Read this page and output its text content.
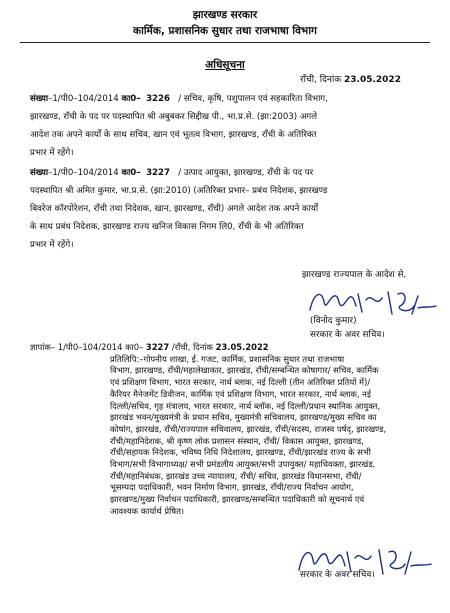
झारखण्ड सरकार
कार्मिक, प्रशासनिक सुधार तथा राजभाषा विभाग
अधिसूचना
राँची, दिनांक 23.05.2022
संख्या–1/पी0–104/2014 का0– 3226 / सचिव, कृषि, पशुपालन एवं सहकारिता विभाग,
झारखण्ड, राँची के पद पर पदस्थापित श्री अबुबकर सिद्दीख पी., भा.प्र.से. (झा:2003) अगले
आदेश तक अपने कार्यों के साथ सचिव, खान एवं भूतत्व विभाग, झारखण्ड, राँची के अतिरिक्त
प्रभार में रहेंगे।
संख्या–1/पी0–104/2014 का0– 3227 / उत्पाद आयुक्त, झारखण्ड, राँची के पद पर
पदस्थापित श्री अमित कुमार, भा.प्र.से. (झा:2010) (अतिरिक्त प्रभार– प्रबंध निदेशक, झारखण्ड
बिवरेज कॉरपोरेशन, राँची तथा निदेशक, खान, झारखण्ड, राँची) अगले आदेश तक अपने कार्यों
के साथ प्रबंध निदेशक, झारखण्ड राज्य खनिज विकास निगम लि0, राँची के भी अतिरिक्त
प्रभार में रहेंगे।
झारखण्ड राज्यपाल के आदेश से,
(विनोद कुमार)
सरकार के अवर सचिव।
ज्ञापांक– 1/पी0–104/2014 का0– 3227 /राँची, दिनांक 23.05.2022
प्रतिलिपि:–गोपनीय शाखा, ई. गजट, कार्मिक, प्रशासनिक सुधार तथा राजभाषा
विभाग, झारखण्ड, राँची/महालेखाकार, झारखंड, राँची/सम्बन्धित कोषागार/ सचिव, कार्मिक
एवं प्रशिक्षण विभाग, भारत सरकार, नार्थ ब्लाक, नई दिल्ली (तीन अतिरिक्त प्रतियों में)/
कैरियर मैनेजमेंट डिवीजन, कार्मिक एवं प्रशिक्षण विभाग, भारत सरकार, नार्थ ब्लाक, नई
दिल्ली/सचिव, गृह मंत्रालय, भारत सरकार, नार्थ ब्लॉक, नई दिल्ली/प्रधान स्थानिक आयुक्त,
झारखंड भवन/मुख्यमंत्री के प्रधान सचिव, मुख्यमंत्री सचिवालय, झारखण्ड/मुख्य सचिव का
कोषांग, झारखंड, राँची/राज्यपाल सचिवालय, झारखंड, राँची/सदस्य, राजस्व पर्षद्, झारखण्ड,
राँची/महानिदेशक, श्री कृष्ण लोक प्रशासन संस्थान, राँची/ विकास आयुक्त, झारखण्ड,
राँची/सहायक निदेशक, भविष्य निधि निदेशालय, झारखण्ड, राँची/झारखंड राज्य के सभी
विभाग/सभी विभागाध्यक्ष/ सभी प्रमंडलीय आयुक्त/सभी उपायुक्त/ महाधिवक्ता, झारखंड,
राँची/महानिबंधक, झारखंड उच्च न्यायालय, राँची/ सचिव, झारखंड विधानसभा, राँची/
भूसम्पदा पदाधिकारी, भवन निर्माण विभाग, झारखंड, राँची/राज्य निर्वाचन आयोग,
झारखण्ड/मुख्य निर्वाचन पदाधिकारी, झारखण्ड/सम्बन्धित पदाधिकारी को सूचनार्थ एवं
आवश्यक कार्यार्थ प्रेषित।
सरकार के अवर सचिव।
